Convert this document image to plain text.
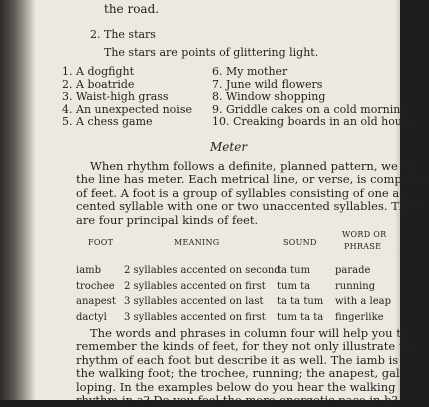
the road.
2. The stars
The stars are points of glittering light.
1. A dogfight
2. A boatride
3. Waist-high grass
4. An unexpected noise
5. A chess game
6. My mother
7. June wild flowers
8. Window shopping
9. Griddle cakes on a cold morning
10. Creaking boards in an old house
Meter
When rhythm follows a definite, planned pattern, we say
the line has meter. Each metrical line, or verse, is composed
of feet. A foot is a group of syllables consisting of one ac-
cented syllable with one or two unaccented syllables. There
are four principal kinds of feet.
FOOT	MEANING	SOUND
WORD OR
PHRASE
iamb
trochee
anapest
dactyl
2 syllables accented on second
2 syllables accented on first
3 syllables accented on last
3 syllables accented on first
ta tum
tum ta
ta ta tum
tum ta ta
parade
running
with a leap
fingerlike
The words and phrases in column four will help you to
remember the kinds of feet, for they not only illustrate the
rhythm of each foot but describe it as well. The iamb is
the walking foot; the trochee, running; the anapest, gal-
loping. In the examples below do you hear the walking
rhythm in a? Do you feel the more energetic pace in b?
